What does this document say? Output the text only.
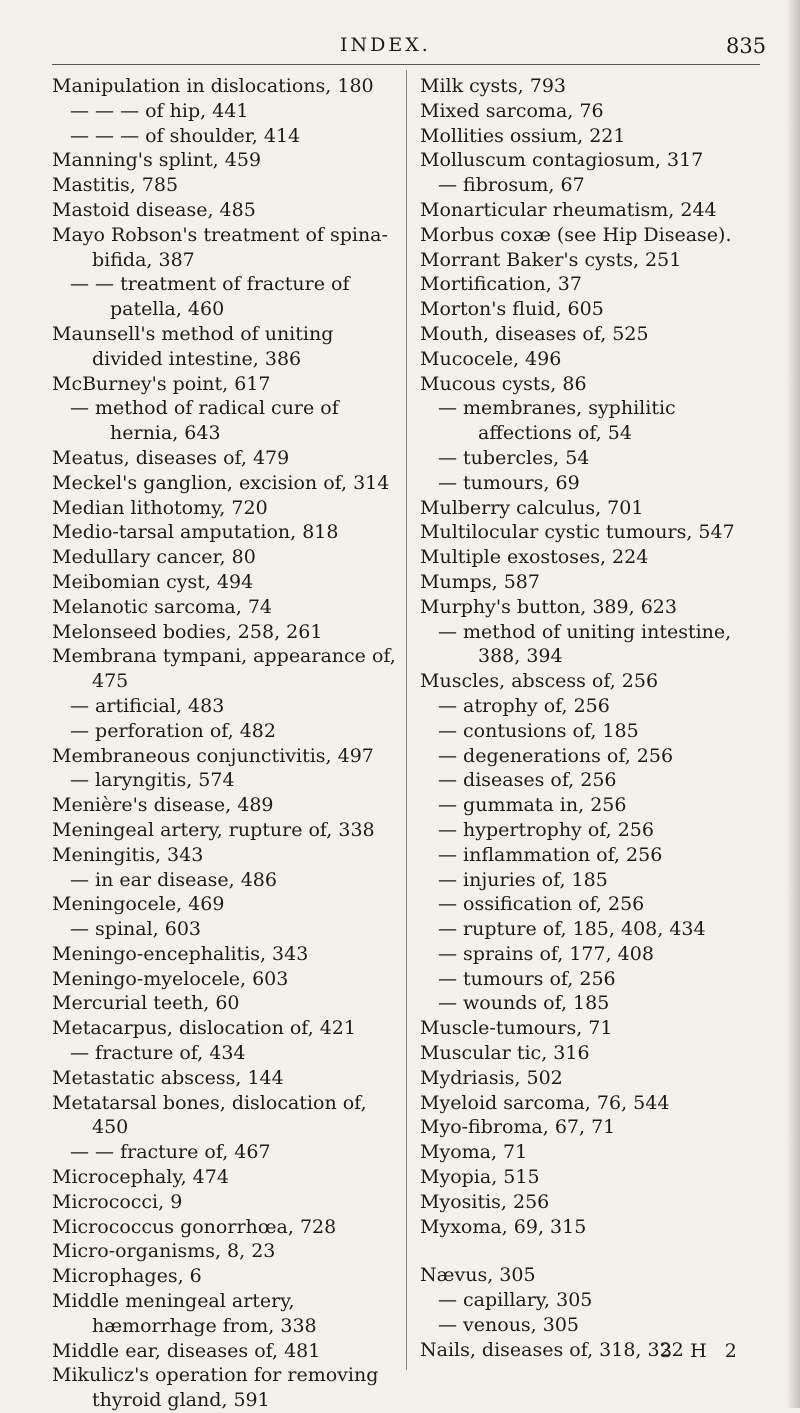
INDEX.	835
Manipulation in dislocations, 180
— — — of hip, 441
— — — of shoulder, 414
Manning's splint, 459
Mastitis, 785
Mastoid disease, 485
Mayo Robson's treatment of spina-bifida, 387
— — treatment of fracture of patella, 460
Maunsell's method of uniting divided intestine, 386
McBurney's point, 617
— method of radical cure of hernia, 643
Meatus, diseases of, 479
Meckel's ganglion, excision of, 314
Median lithotomy, 720
Medio-tarsal amputation, 818
Medullary cancer, 80
Meibomian cyst, 494
Melanotic sarcoma, 74
Melonseed bodies, 258, 261
Membrana tympani, appearance of, 475
— artificial, 483
— perforation of, 482
Membraneous conjunctivitis, 497
— laryngitis, 574
Menière's disease, 489
Meningeal artery, rupture of, 338
Meningitis, 343
— in ear disease, 486
Meningocele, 469
— spinal, 603
Meningo-encephalitis, 343
Meningo-myelocele, 603
Mercurial teeth, 60
Metacarpus, dislocation of, 421
— fracture of, 434
Metastatic abscess, 144
Metatarsal bones, dislocation of, 450
— — fracture of, 467
Microcephaly, 474
Micrococci, 9
Micrococcus gonorrhœa, 728
Micro-organisms, 8, 23
Microphages, 6
Middle meningeal artery, hæmorrhage from, 338
Middle ear, diseases of, 481
Mikulicz's operation for removing thyroid gland, 591
Milk cysts, 793
Mixed sarcoma, 76
Mollities ossium, 221
Molluscum contagiosum, 317
— fibrosum, 67
Monarticular rheumatism, 244
Morbus coxæ (see Hip Disease).
Morrant Baker's cysts, 251
Mortification, 37
Morton's fluid, 605
Mouth, diseases of, 525
Mucocele, 496
Mucous cysts, 86
— membranes, syphilitic affections of, 54
— tubercles, 54
— tumours, 69
Mulberry calculus, 701
Multilocular cystic tumours, 547
Multiple exostoses, 224
Mumps, 587
Murphy's button, 389, 623
— method of uniting intestine, 388, 394
Muscles, abscess of, 256
— atrophy of, 256
— contusions of, 185
— degenerations of, 256
— diseases of, 256
— gummata in, 256
— hypertrophy of, 256
— inflammation of, 256
— injuries of, 185
— ossification of, 256
— rupture of, 185, 408, 434
— sprains of, 177, 408
— tumours of, 256
— wounds of, 185
Muscle-tumours, 71
Muscular tic, 316
Mydriasis, 502
Myeloid sarcoma, 76, 544
Myo-fibroma, 67, 71
Myoma, 71
Myopia, 515
Myositis, 256
Myxoma, 69, 315
Nævus, 305
— capillary, 305
— venous, 305
Nails, diseases of, 318, 322
3 H 2
